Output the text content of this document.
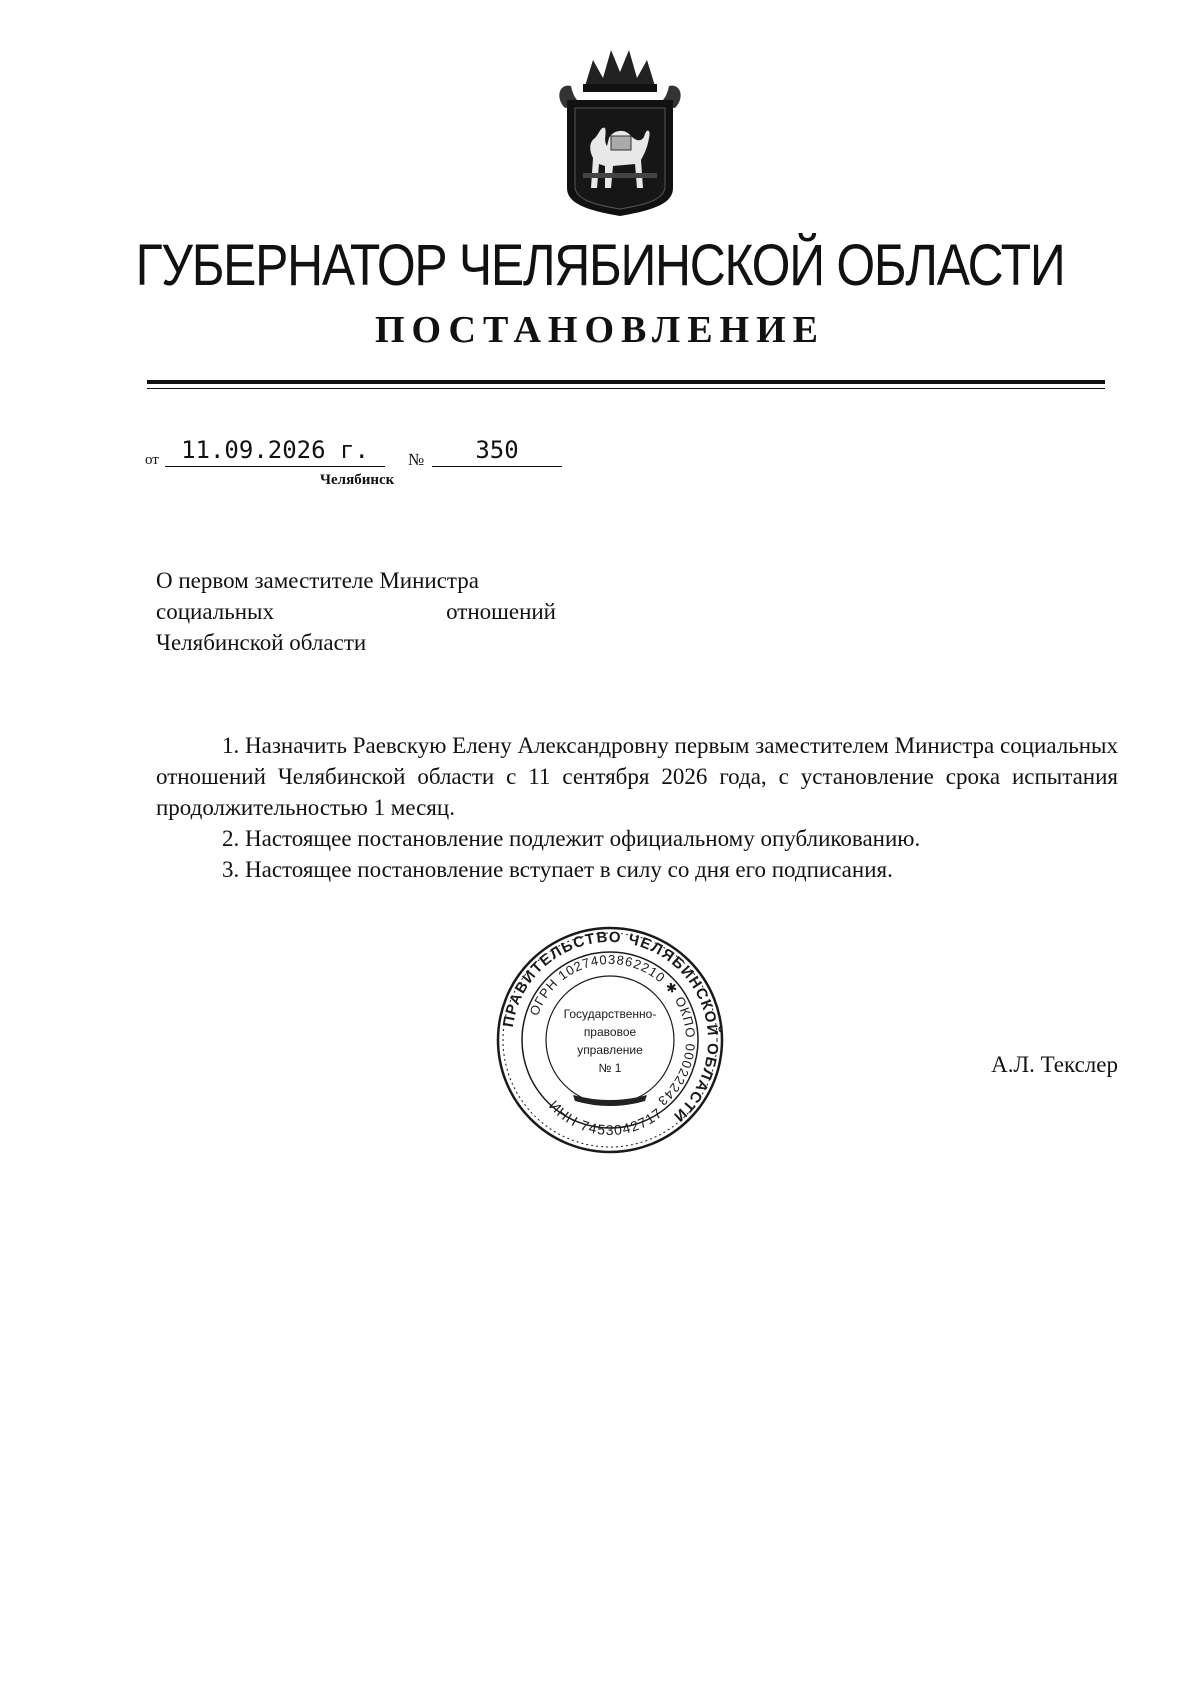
ГУБЕРНАТОР ЧЕЛЯБИНСКОЙ ОБЛАСТИ
ПОСТАНОВЛЕНИЕ
от 11.09.2026 г.	№	350
Челябинск
О первом заместителе Министра
социальных	отношений
Челябинской области

1. Назначить Раевскую Елену Александровну первым заместителем Министра социальных отношений Челябинской области с 11 сентября 2026 года, с установление срока испытания продолжительностью 1 месяц.

2. Настоящее постановление подлежит официальному опубликованию.

3. Настоящее постановление вступает в силу со дня его подписания.

ПРАВИТЕЛЬСТВО ЧЕЛЯБИНСКОЙ ОБЛАСТИ
ОГРН 1027403862210 ✱ ОКПО 00022243
ИНН 7453042717
Государственно-
правовое
управление
№ 1	А.Л. Текслер
